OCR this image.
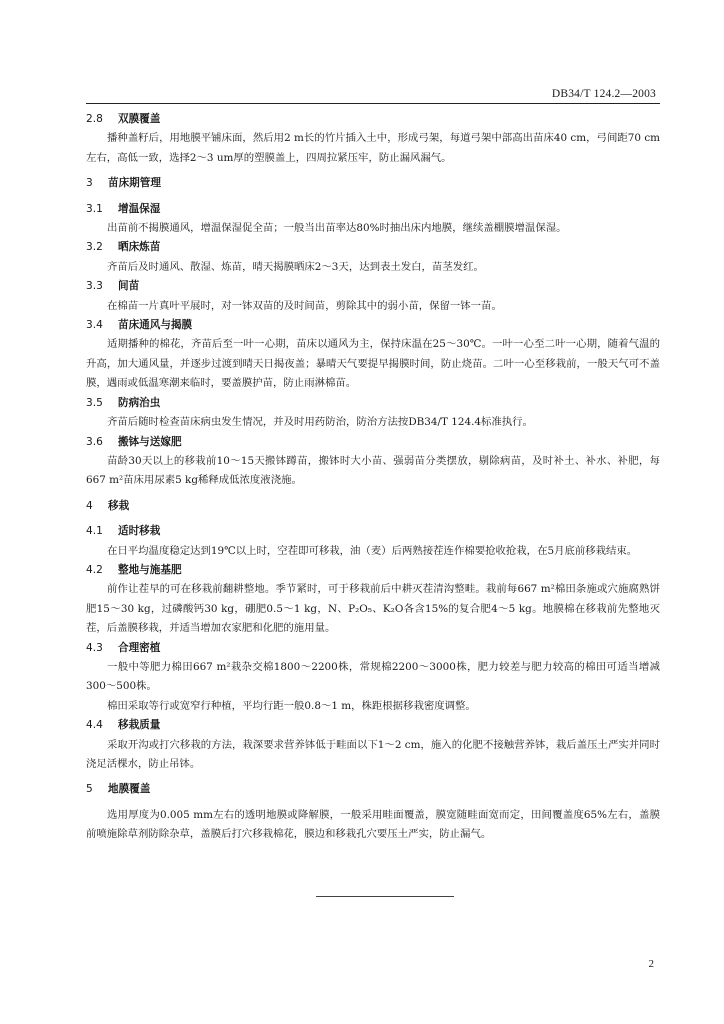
DB34/T 124.2—2003
2.8 双膜覆盖

播种盖籽后，用地膜平铺床面，然后用2 m长的竹片插入土中，形成弓架，每道弓架中部高出苗床40 cm，弓间距70 cm左右，高低一致，选择2～3 um厚的塑膜盖上，四周拉紧压牢，防止漏风漏气。

3 苗床期管理
3.1 增温保湿

出苗前不揭膜通风，增温保湿促全苗；一般当出苗率达80%时抽出床内地膜，继续盖棚膜增温保湿。

3.2 晒床炼苗

齐苗后及时通风、散湿、炼苗，晴天揭膜晒床2～3天，达到表土发白，苗茎发红。

3.3 间苗

在棉苗一片真叶平展时，对一钵双苗的及时间苗，剪除其中的弱小苗，保留一钵一苗。

3.4 苗床通风与揭膜

适期播种的棉花，齐苗后至一叶一心期，苗床以通风为主，保持床温在25～30℃。一叶一心至二叶一心期，随着气温的升高，加大通风量，并逐步过渡到晴天日揭夜盖；暴晴天气要提早揭膜时间，防止烧苗。二叶一心至移栽前，一般天气可不盖膜，遇雨或低温寒潮来临时，要盖膜护苗，防止雨淋棉苗。

3.5 防病治虫

齐苗后随时检查苗床病虫发生情况，并及时用药防治，防治方法按DB34/T 124.4标准执行。

3.6 搬钵与送嫁肥

苗龄30天以上的移栽前10～15天搬钵蹲苗，搬钵时大小苗、强弱苗分类摆放，剔除病苗，及时补土、补水、补肥，每667 m²苗床用尿素5 kg稀释成低浓度液浇施。

4 移栽
4.1 适时移栽

在日平均温度稳定达到19℃以上时，空茬即可移栽，油（麦）后两熟接茬连作棉要抢收抢栽，在5月底前移栽结束。

4.2 整地与施基肥

前作让茬早的可在移栽前翻耕整地。季节紧时，可于移栽前后中耕灭茬清沟整畦。栽前每667 m²棉田条施或穴施腐熟饼肥15～30 kg，过磷酸钙30 kg，硼肥0.5～1 kg，N、P₂O₅、K₂O各含15%的复合肥4～5 kg。地膜棉在移栽前先整地灭茬，后盖膜移栽，并适当增加农家肥和化肥的施用量。

4.3 合理密植

一般中等肥力棉田667 m²栽杂交棉1800～2200株，常规棉2200～3000株，肥力较差与肥力较高的棉田可适当增减300～500株。

棉田采取等行或宽窄行种植，平均行距一般0.8～1 m，株距根据移栽密度调整。

4.4 移栽质量

采取开沟或打穴移栽的方法，栽深要求营养钵低于畦面以下1～2 cm，施入的化肥不接触营养钵，栽后盖压土严实并同时浇足活棵水，防止吊钵。

5 地膜覆盖

选用厚度为0.005 mm左右的透明地膜或降解膜，一般采用畦面覆盖，膜宽随畦面宽而定，田间覆盖度65%左右，盖膜前喷施除草剂防除杂草，盖膜后打穴移栽棉花，膜边和移栽孔穴要压土严实，防止漏气。

2
